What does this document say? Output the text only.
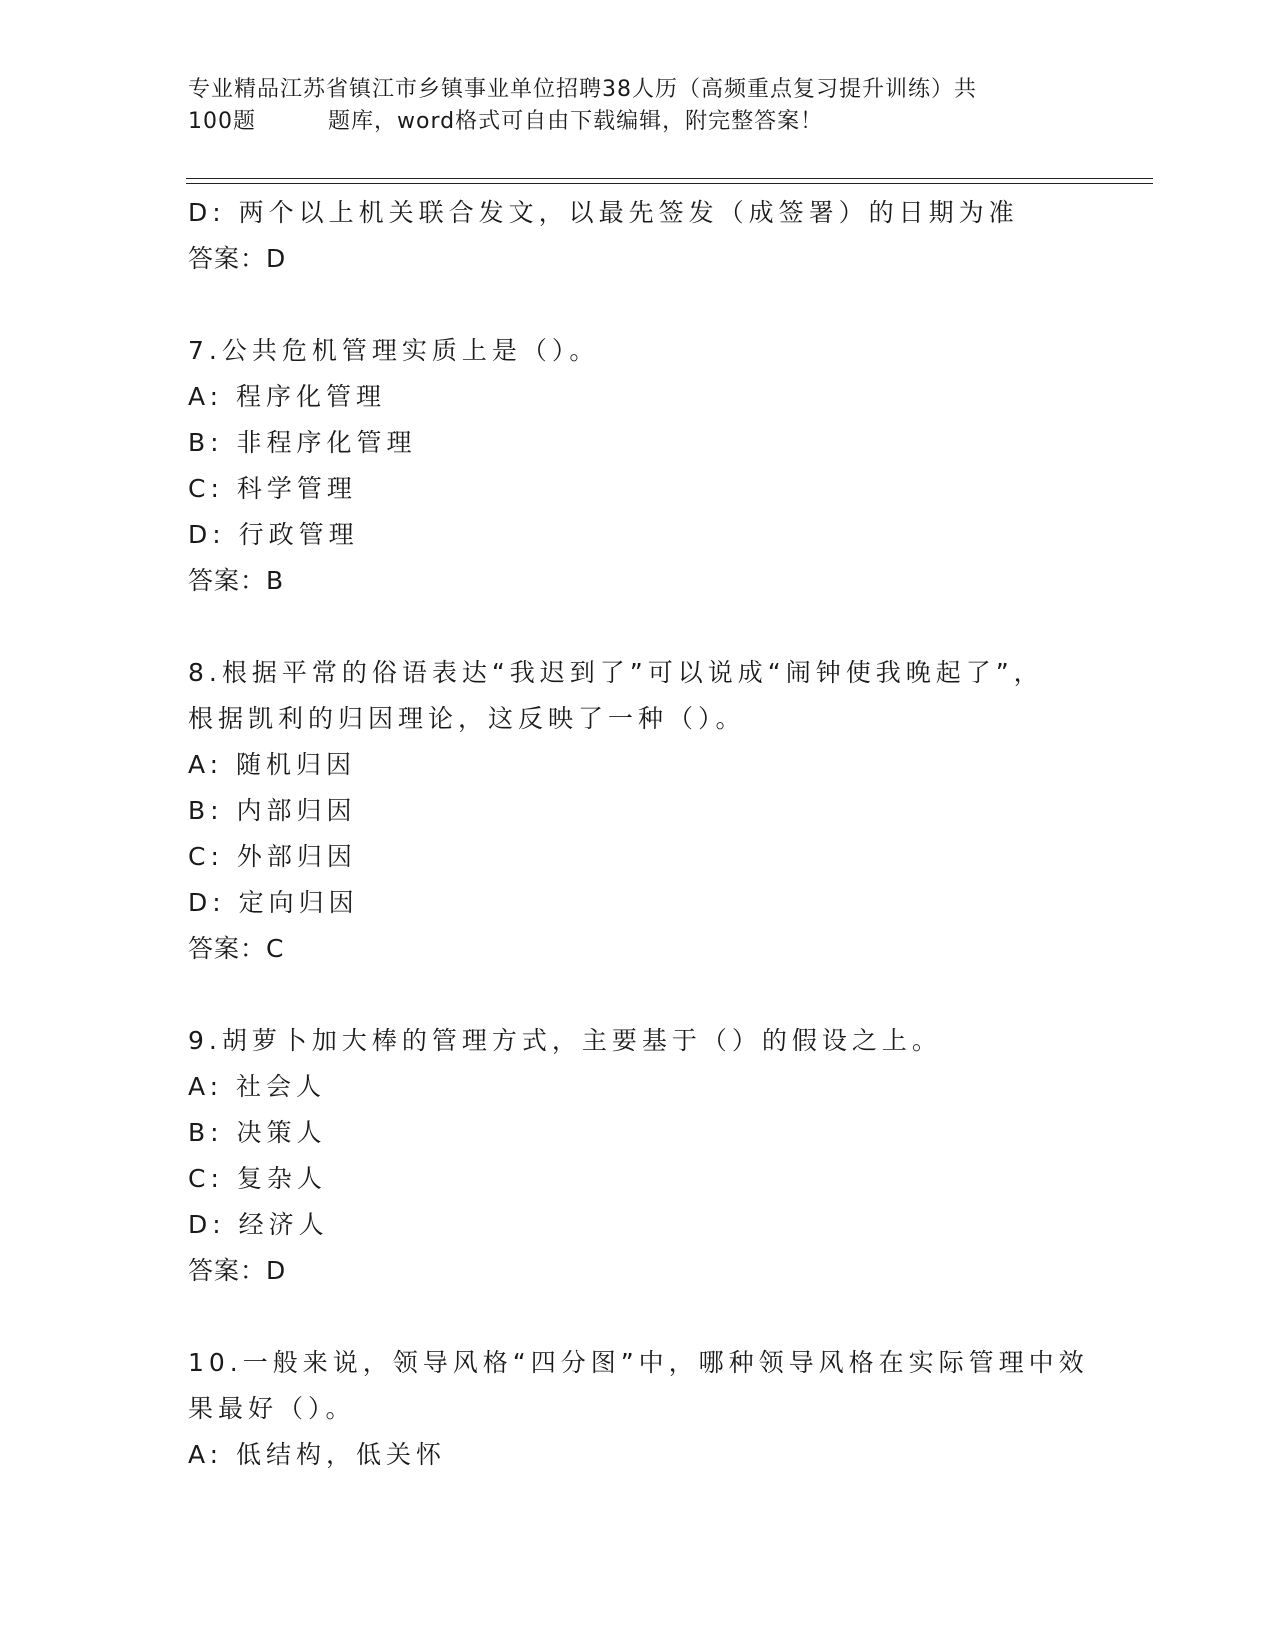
专业精品江苏省镇江市乡镇事业单位招聘38人历（高频重点复习提升训练）共
100题	题库，word格式可自由下载编辑，附完整答案！
D: 两个以上机关联合发文，以最先签发（成签署）的日期为准
答案：D
7.公共危机管理实质上是（）。
A: 程序化管理
B: 非程序化管理
C: 科学管理
D: 行政管理
答案：B
8.根据平常的俗语表达“我迟到了”可以说成“闹钟使我晚起了”，
根据凯利的归因理论，这反映了一种（）。
A: 随机归因
B: 内部归因
C: 外部归因
D: 定向归因
答案：C
9.胡萝卜加大棒的管理方式，主要基于（）的假设之上。
A: 社会人
B: 决策人
C: 复杂人
D: 经济人
答案：D
10.一般来说，领导风格“四分图”中，哪种领导风格在实际管理中效
果最好（）。
A: 低结构，低关怀
